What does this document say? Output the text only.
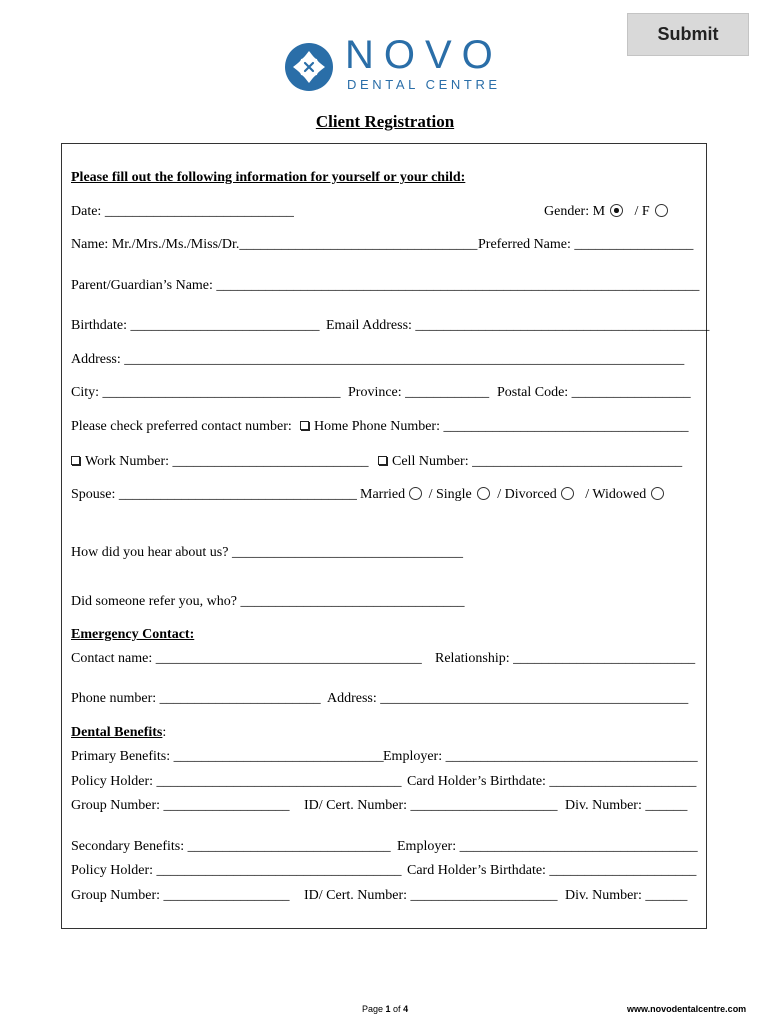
Submit
NOVO
DENTAL CENTRE
Client Registration
Please fill out the following information for yourself or your child:
Date: ___________________________	Gender: M / F
Name: Mr./Mrs./Ms./Miss/Dr.__________________________________ Preferred Name: _________________
Parent/Guardian’s Name: _____________________________________________________________________
Birthdate: ___________________________ Email Address: __________________________________________
Address: ________________________________________________________________________________
City: __________________________________ Province: ____________ Postal Code: _________________
Please check preferred contact number:	Home Phone Number: ___________________________________
Work Number: ____________________________	Cell Number: ______________________________
Spouse: __________________________________ Married / Single / Divorced / Widowed
How did you hear about us? _________________________________
Did someone refer you, who? ________________________________
Emergency Contact:
Contact name: ______________________________________ Relationship: __________________________
Phone number: _______________________ Address: ____________________________________________
Dental Benefits:
Primary Benefits: ______________________________ Employer: ____________________________________
Policy Holder: ___________________________________ Card Holder’s Birthdate: _____________________
Group Number: __________________ ID/ Cert. Number: _____________________ Div. Number: ______
Secondary Benefits: _____________________________ Employer: __________________________________
Policy Holder: ___________________________________ Card Holder’s Birthdate: _____________________
Group Number: __________________ ID/ Cert. Number: _____________________ Div. Number: ______
Page 1 of 4	www.novodentalcentre.com
